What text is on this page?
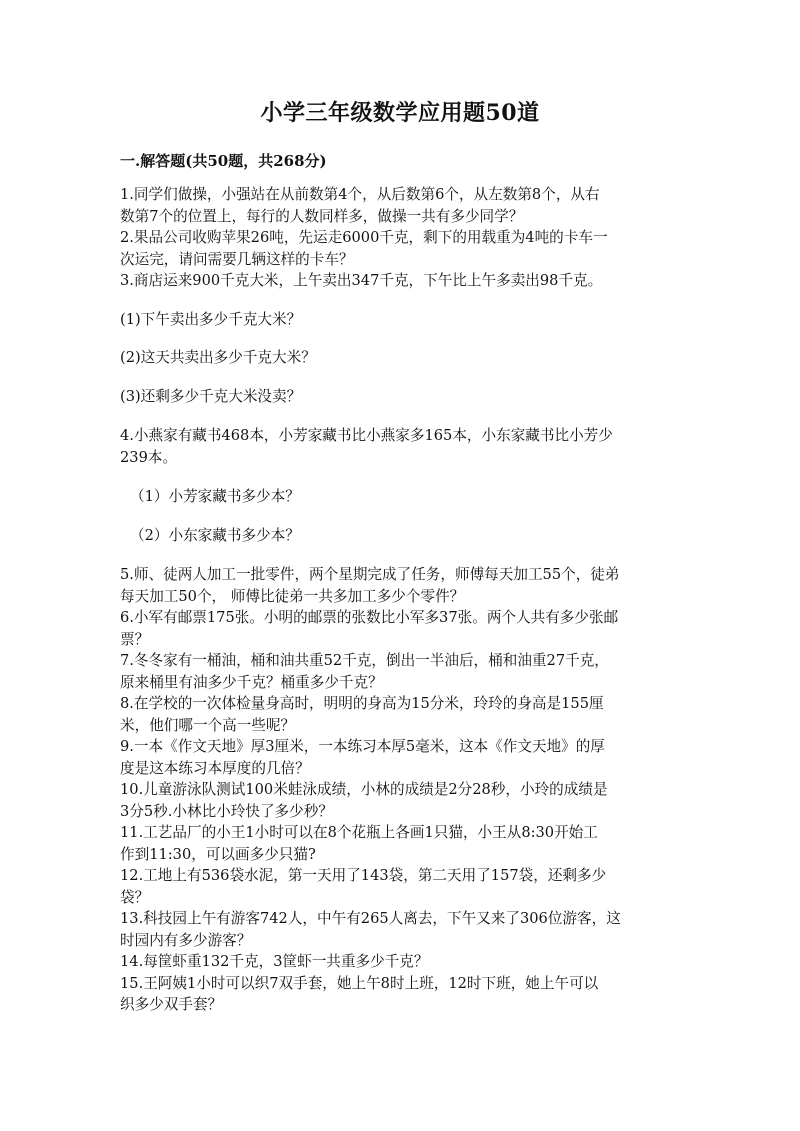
小学三年级数学应用题50道
一.解答题(共50题，共268分)
1.同学们做操，小强站在从前数第4个，从后数第6个，从左数第8个，从右
数第7个的位置上，每行的人数同样多，做操一共有多少同学？
2.果品公司收购苹果26吨，先运走6000千克，剩下的用载重为4吨的卡车一
次运完，请问需要几辆这样的卡车？
3.商店运来900千克大米，上午卖出347千克，下午比上午多卖出98千克。
(1)下午卖出多少千克大米？
(2)这天共卖出多少千克大米？
(3)还剩多少千克大米没卖？
4.小燕家有藏书468本，小芳家藏书比小燕家多165本，小东家藏书比小芳少
239本。
（1）小芳家藏书多少本？
（2）小东家藏书多少本？
5.师、徒两人加工一批零件，两个星期完成了任务，师傅每天加工55个，徒弟
每天加工50个， 师傅比徒弟一共多加工多少个零件？
6.小军有邮票175张。小明的邮票的张数比小军多37张。两个人共有多少张邮
票？
7.冬冬家有一桶油，桶和油共重52千克，倒出一半油后，桶和油重27千克，
原来桶里有油多少千克？桶重多少千克？
8.在学校的一次体检量身高时，明明的身高为15分米，玲玲的身高是155厘
米，他们哪一个高一些呢？
9.一本《作文天地》厚3厘米，一本练习本厚5毫米，这本《作文天地》的厚
度是这本练习本厚度的几倍？
10.儿童游泳队测试100米蛙泳成绩，小林的成绩是2分28秒，小玲的成绩是
3分5秒.小林比小玲快了多少秒？
11.工艺品厂的小王1小时可以在8个花瓶上各画1只猫，小王从8:30开始工
作到11:30，可以画多少只猫?
12.工地上有536袋水泥，第一天用了143袋，第二天用了157袋，还剩多少
袋？
13.科技园上午有游客742人，中午有265人离去，下午又来了306位游客，这
时园内有多少游客？
14.每筐虾重132千克，3筐虾一共重多少千克？
15.王阿姨1小时可以织7双手套，她上午8时上班，12时下班，她上午可以
织多少双手套？
